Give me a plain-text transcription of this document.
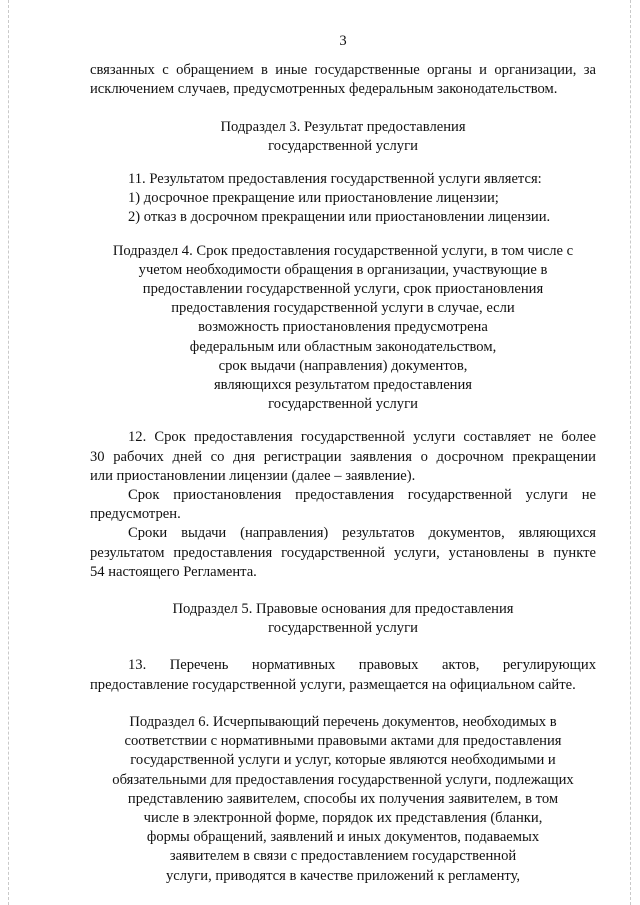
3
связанных с обращением в иные государственные органы и организации, за
исключением случаев, предусмотренных федеральным законодательством.
Подраздел 3. Результат предоставления
государственной услуги
11. Результатом предоставления государственной услуги является:
1) досрочное прекращение или приостановление лицензии;
2) отказ в досрочном прекращении или приостановлении лицензии.
Подраздел 4. Срок предоставления государственной услуги, в том числе с
учетом необходимости обращения в организации, участвующие в
предоставлении государственной услуги, срок приостановления
предоставления государственной услуги в случае, если
возможность приостановления предусмотрена
федеральным или областным законодательством,
срок выдачи (направления) документов,
являющихся результатом предоставления
государственной услуги
12. Срок предоставления государственной услуги составляет не более
30 рабочих дней со дня регистрации заявления о досрочном прекращении
или приостановлении лицензии (далее – заявление).
Срок приостановления предоставления государственной услуги не
предусмотрен.
Сроки выдачи (направления) результатов документов, являющихся
результатом предоставления государственной услуги, установлены в пункте
54 настоящего Регламента.
Подраздел 5. Правовые основания для предоставления
государственной услуги
13. Перечень нормативных правовых актов, регулирующих
предоставление государственной услуги, размещается на официальном сайте.
Подраздел 6. Исчерпывающий перечень документов, необходимых в
соответствии с нормативными правовыми актами для предоставления
государственной услуги и услуг, которые являются необходимыми и
обязательными для предоставления государственной услуги, подлежащих
представлению заявителем, способы их получения заявителем, в том
числе в электронной форме, порядок их представления (бланки,
формы обращений, заявлений и иных документов, подаваемых
заявителем в связи с предоставлением государственной
услуги, приводятся в качестве приложений к регламенту,
